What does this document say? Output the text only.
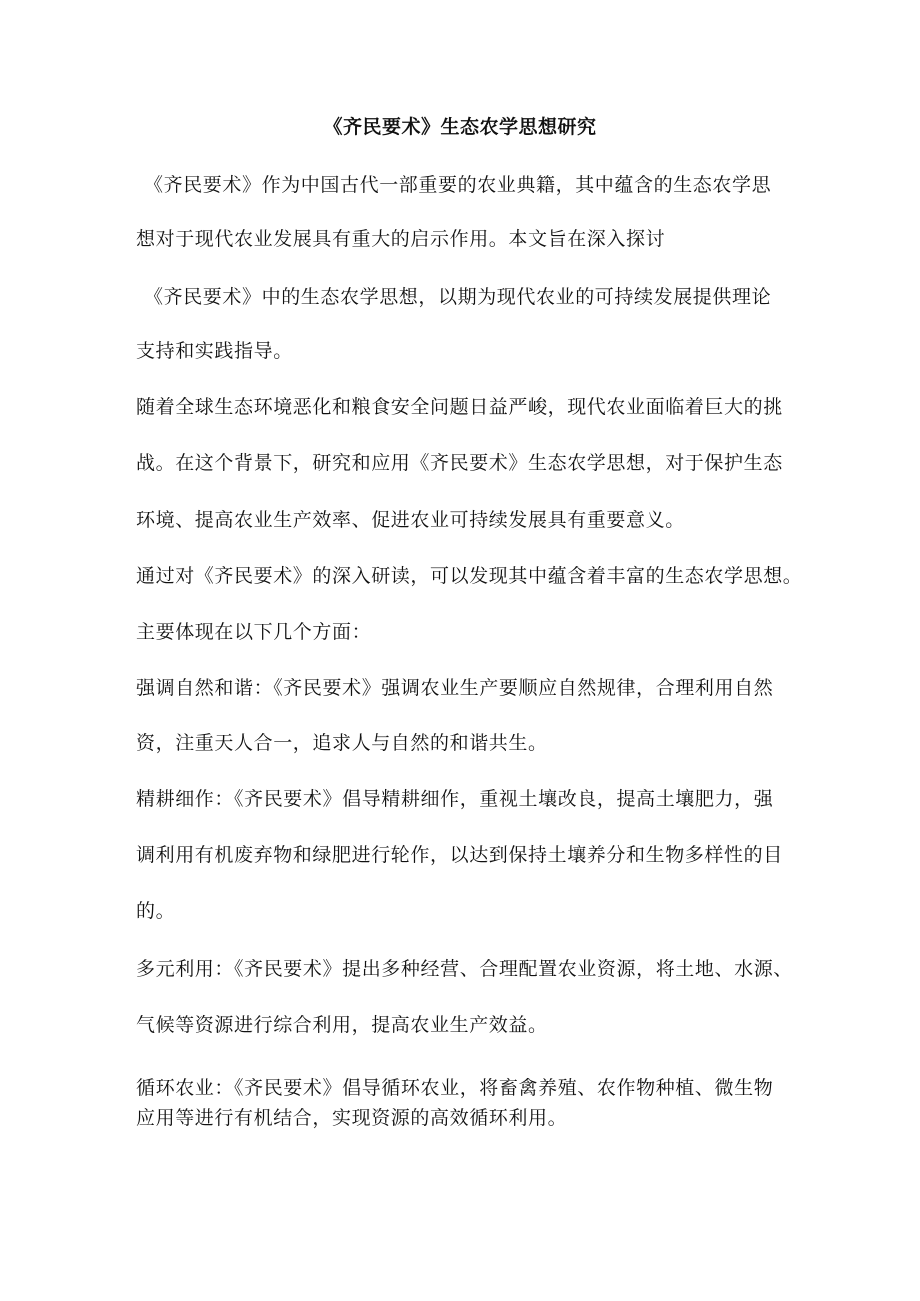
《齐民要术》生态农学思想研究
《齐民要术》作为中国古代一部重要的农业典籍，其中蕴含的生态农学思
想对于现代农业发展具有重大的启示作用。本文旨在深入探讨
《齐民要术》中的生态农学思想，以期为现代农业的可持续发展提供理论
支持和实践指导。
随着全球生态环境恶化和粮食安全问题日益严峻，现代农业面临着巨大的挑
战。在这个背景下，研究和应用《齐民要术》生态农学思想，对于保护生态
环境、提高农业生产效率、促进农业可持续发展具有重要意义。
通过对《齐民要术》的深入研读，可以发现其中蕴含着丰富的生态农学思想。
主要体现在以下几个方面：
强调自然和谐：《齐民要术》强调农业生产要顺应自然规律，合理利用自然
资，注重天人合一，追求人与自然的和谐共生。
精耕细作：《齐民要术》倡导精耕细作，重视土壤改良，提高土壤肥力，强
调利用有机废弃物和绿肥进行轮作，以达到保持土壤养分和生物多样性的目
的。
多元利用：《齐民要术》提出多种经营、合理配置农业资源，将土地、水源、
气候等资源进行综合利用，提高农业生产效益。
循环农业：《齐民要术》倡导循环农业，将畜禽养殖、农作物种植、微生物
应用等进行有机结合，实现资源的高效循环利用。
